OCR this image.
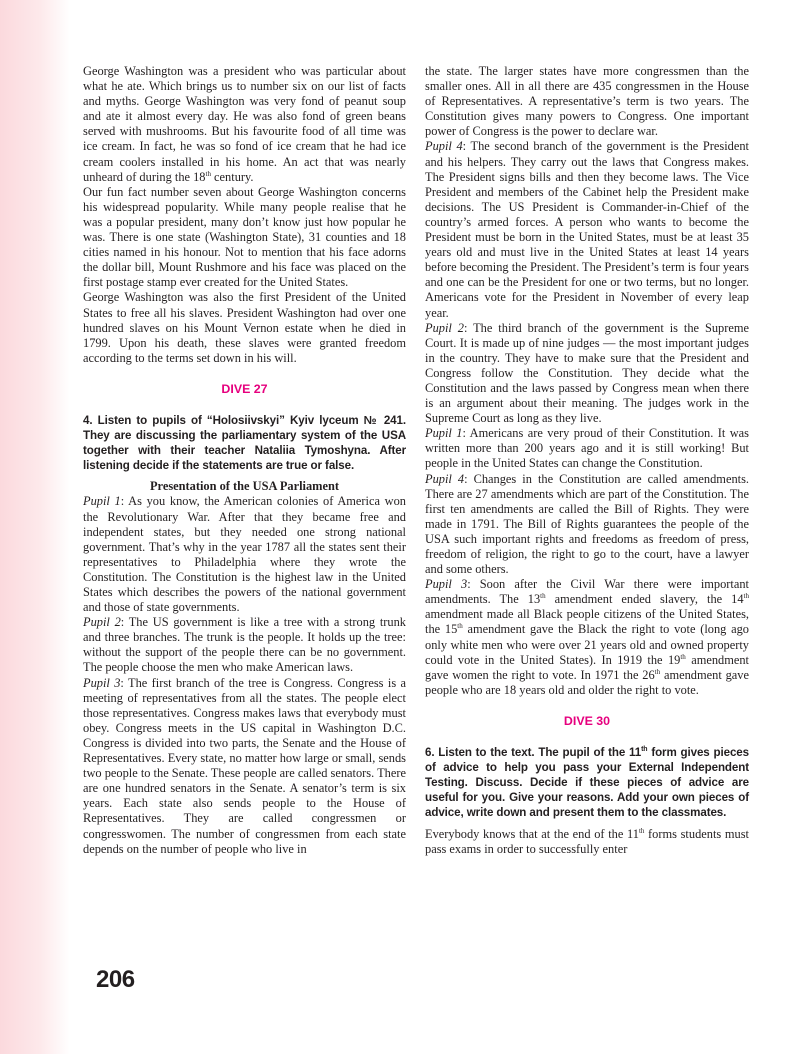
George Washington was a president who was particular about what he ate. Which brings us to number six on our list of facts and myths. George Washington was very fond of peanut soup and ate it almost every day. He was also fond of green beans served with mushrooms. But his favourite food of all time was ice cream. In fact, he was so fond of ice cream that he had ice cream coolers installed in his home. An act that was nearly unheard of during the 18th century.

Our fun fact number seven about George Washington concerns his widespread popularity. While many people realise that he was a popular president, many don’t know just how popular he was. There is one state (Washington State), 31 counties and 18 cities named in his honour. Not to mention that his face adorns the dollar bill, Mount Rushmore and his face was placed on the first postage stamp ever created for the United States.

George Washington was also the first President of the United States to free all his slaves. President Washington had over one hundred slaves on his Mount Vernon estate when he died in 1799. Upon his death, these slaves were granted freedom according to the terms set down in his will.

DIVE 27

4. Listen to pupils of “Holosiivskyi” Kyiv lyceum № 241. They are discussing the parliamentary system of the USA together with their teacher Nataliia Tymoshyna. After listening decide if the statements are true or false.

Presentation of the USA Parliament

Pupil 1: As you know, the American colonies of America won the Revolutionary War. After that they became free and independent states, but they needed one strong national government. That’s why in the year 1787 all the states sent their representatives to Philadelphia where they wrote the Constitution. The Constitution is the highest law in the United States which describes the powers of the national government and those of state governments.

Pupil 2: The US government is like a tree with a strong trunk and three branches. The trunk is the people. It holds up the tree: without the support of the people there can be no government. The people choose the men who make American laws.

Pupil 3: The first branch of the tree is Congress. Congress is a meeting of representatives from all the states. The people elect those representatives. Congress makes laws that everybody must obey. Congress meets in the US capital in Washington D.C. Congress is divided into two parts, the Senate and the House of Representatives. Every state, no matter how large or small, sends two people to the Senate. These people are called senators. There are one hundred senators in the Senate. A senator’s term is six years. Each state also sends people to the House of Representatives. They are called congressmen or congresswomen. The number of congressmen from each state depends on the number of people who live in

the state. The larger states have more congressmen than the smaller ones. All in all there are 435 congressmen in the House of Representatives. A representative’s term is two years. The Constitution gives many powers to Congress. One important power of Congress is the power to declare war.

Pupil 4: The second branch of the government is the President and his helpers. They carry out the laws that Congress makes. The President signs bills and then they become laws. The Vice President and members of the Cabinet help the President make decisions. The US President is Commander-in-Chief of the country’s armed forces. A person who wants to become the President must be born in the United States, must be at least 35 years old and must live in the United States at least 14 years before becoming the President. The President’s term is four years and one can be the President for one or two terms, but no longer. Americans vote for the President in November of every leap year.

Pupil 2: The third branch of the government is the Supreme Court. It is made up of nine judges — the most important judges in the country. They have to make sure that the President and Congress follow the Constitution. They decide what the Constitution and the laws passed by Congress mean when there is an argument about their meaning. The judges work in the Supreme Court as long as they live.

Pupil 1: Americans are very proud of their Constitution. It was written more than 200 years ago and it is still working! But people in the United States can change the Constitution.

Pupil 4: Changes in the Constitution are called amendments. There are 27 amendments which are part of the Constitution. The first ten amendments are called the Bill of Rights. They were made in 1791. The Bill of Rights guarantees the people of the USA such important rights and freedoms as freedom of press, freedom of religion, the right to go to the court, have a lawyer and some others.

Pupil 3: Soon after the Civil War there were important amendments. The 13th amendment ended slavery, the 14th amendment made all Black people citizens of the United States, the 15th amendment gave the Black the right to vote (long ago only white men who were over 21 years old and owned property could vote in the United States). In 1919 the 19th amendment gave women the right to vote. In 1971 the 26th amendment gave people who are 18 years old and older the right to vote.

DIVE 30

6. Listen to the text. The pupil of the 11th form gives pieces of advice to help you pass your External Independent Testing. Discuss. Decide if these pieces of advice are useful for you. Give your reasons. Add your own pieces of advice, write down and present them to the classmates.

Everybody knows that at the end of the 11th forms students must pass exams in order to successfully enter

206
